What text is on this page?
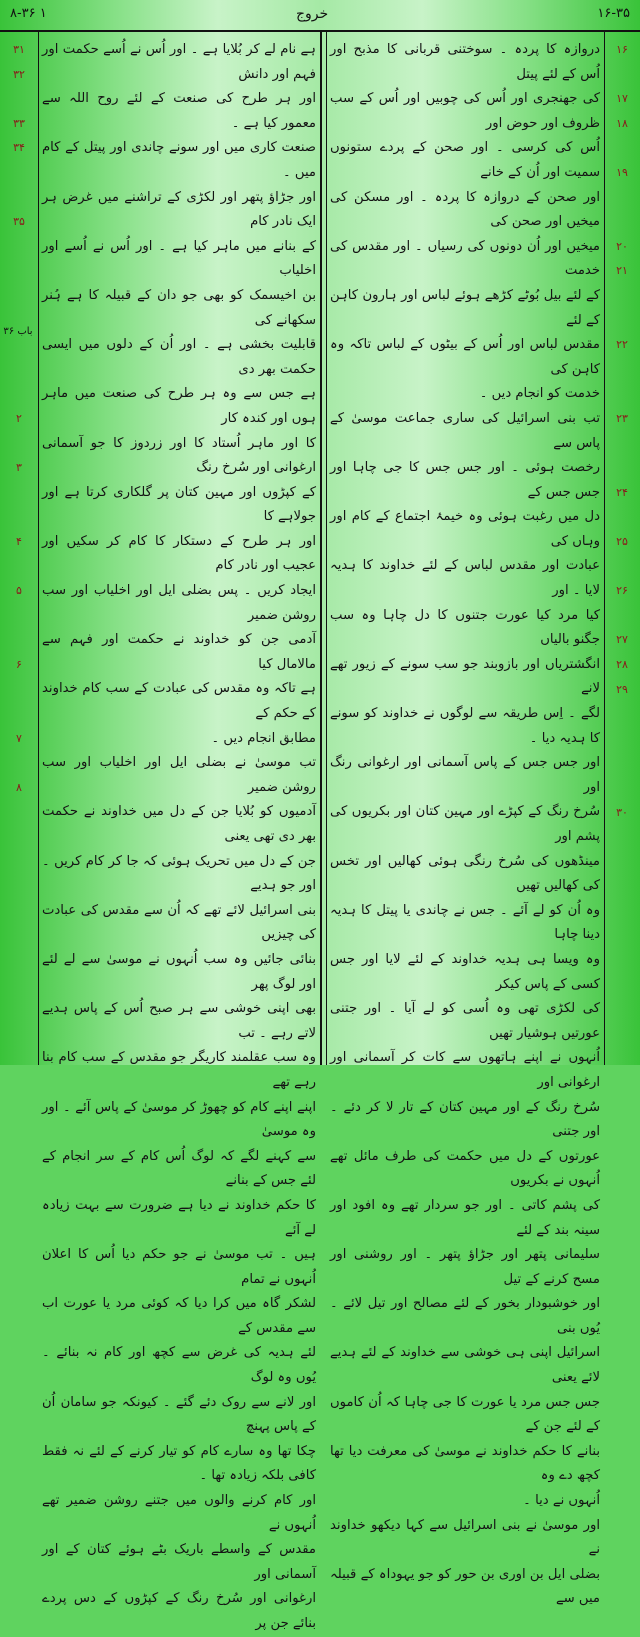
۸-۳۶ ۱	خروج	۱۶-۳۵

دروازہ کا پردہ ۔ سوختنی قربانی کا مذبح اور اُس کے لئے پیتل

کی جھنجری اور اُس کی چوبیں اور اُس کے سب ظروف اور حوض اور

اُس کی کرسی ۔ اور صحن کے پردے ستونوں سمیت اور اُن کے خانے

اور صحن کے دروازہ کا پردہ ۔ اور مسکن کی میخیں اور صحن کی

میخیں اور اُن دونوں کی رسیاں ۔ اور مقدس کی خدمت

کے لئے بیل بُوٹے کڑھے ہوئے لباس اور ہارون کاہن کے لئے

مقدس لباس اور اُس کے بیٹوں کے لباس تاکہ وہ کاہن کی

خدمت کو انجام دیں ۔

تب بنی اسرائیل کی ساری جماعت موسیٰ کے پاس سے

رخصت ہوئی ۔ اور جس جس کا جی چاہا اور جس جس کے

دل میں رغبت ہوئی وہ خیمۂ اجتماع کے کام اور وہاں کی

عبادت اور مقدس لباس کے لئے خداوند کا ہدیہ لایا ۔ اور

کیا مرد کیا عورت جتنوں کا دل چاہا وہ سب جگنو بالیاں

انگشتریاں اور بازوبند جو سب سونے کے زیور تھے لانے

لگے ۔ اِس طریقہ سے لوگوں نے خداوند کو سونے کا ہدیہ دیا ۔

اور جس جس کے پاس آسمانی اور ارغوانی رنگ اور

سُرخ رنگ کے کپڑے اور مہین کتان اور بکریوں کی پشم اور

مینڈھوں کی سُرخ رنگی ہوئی کھالیں اور تخس کی کھالیں تھیں

وہ اُن کو لے آئے ۔ جس نے چاندی یا پیتل کا ہدیہ دینا چاہا

وہ ویسا ہی ہدیہ خداوند کے لئے لایا اور جس کسی کے پاس کیکر

کی لکڑی تھی وہ اُسی کو لے آیا ۔ اور جتنی عورتیں ہوشیار تھیں

اُنہوں نے اپنے ہاتھوں سے کات کر آسمانی اور ارغوانی اور

سُرخ رنگ کے اور مہین کتان کے تار لا کر دئے ۔ اور جتنی

عورتوں کے دل میں حکمت کی طرف مائل تھے اُنہوں نے بکریوں

کی پشم کاتی ۔ اور جو سردار تھے وہ افود اور سینہ بند کے لئے

سلیمانی پتھر اور جڑاؤ پتھر ۔ اور روشنی اور مسح کرنے کے تیل

اور خوشبودار بخور کے لئے مصالح اور تیل لائے ۔ یُوں بنی

اسرائیل اپنی ہی خوشی سے خداوند کے لئے ہدیے لائے یعنی

جس جس مرد یا عورت کا جی چاہا کہ اُن کاموں کے لئے جن کے

بنانے کا حکم خداوند نے موسیٰ کی معرفت دیا تھا کچھ دے وہ

اُنہوں نے دیا ۔

اور موسیٰ نے بنی اسرائیل سے کہا دیکھو خداوند نے

بضلی ایل بن اوری بن حور کو جو یہوداہ کے قبیلہ میں سے

ہے نام لے کر بُلایا ہے ۔ اور اُس نے اُسے حکمت اور فہم اور دانش

اور ہر طرح کی صنعت کے لئے روح اللہ سے معمور کیا ہے ۔

صنعت کاری میں اور سونے چاندی اور پیتل کے کام میں ۔

اور جڑاؤ پتھر اور لکڑی کے تراشنے میں غرض ہر ایک نادر کام

کے بنانے میں ماہر کیا ہے ۔ اور اُس نے اُسے اور اخلیاب

بن اخیسمک کو بھی جو دان کے قبیلہ کا ہے ہُنر سکھانے کی

قابلیت بخشی ہے ۔ اور اُن کے دلوں میں ایسی حکمت بھر دی

ہے جس سے وہ ہر طرح کی صنعت میں ماہر ہوں اور کندہ کار

کا اور ماہر اُستاد کا اور زردوز کا جو آسمانی ارغوانی اور سُرخ رنگ

کے کپڑوں اور مہین کتان پر گلکاری کرتا ہے اور جولاہے کا

اور ہر طرح کے دستکار کا کام کر سکیں اور عجیب اور نادر کام

ایجاد کریں ۔ پس بضلی ایل اور اخلیاب اور سب روشن ضمیر

آدمی جن کو خداوند نے حکمت اور فہم سے مالامال کیا

ہے تاکہ وہ مقدس کی عبادت کے سب کام خداوند کے حکم کے

مطابق انجام دیں ۔

تب موسیٰ نے بضلی ایل اور اخلیاب اور سب روشن ضمیر

آدمیوں کو بُلایا جن کے دل میں خداوند نے حکمت بھر دی تھی یعنی

جن کے دل میں تحریک ہوئی کہ جا کر کام کریں ۔ اور جو ہدیے

بنی اسرائیل لائے تھے کہ اُن سے مقدس کی عبادت کی چیزیں

بنائی جائیں وہ سب اُنہوں نے موسیٰ سے لے لئے اور لوگ پھر

بھی اپنی خوشی سے ہر صبح اُس کے پاس ہدیے لاتے رہے ۔ تب

وہ سب عقلمند کاریگر جو مقدس کے سب کام بنا رہے تھے

اپنے اپنے کام کو چھوڑ کر موسیٰ کے پاس آئے ۔ اور وہ موسیٰ

سے کہنے لگے کہ لوگ اُس کام کے سر انجام کے لئے جس کے بنانے

کا حکم خداوند نے دیا ہے ضرورت سے بہت زیادہ لے آئے

ہیں ۔ تب موسیٰ نے جو حکم دیا اُس کا اعلان اُنہوں نے تمام

لشکر گاہ میں کرا دیا کہ کوئی مرد یا عورت اب سے مقدس کے

لئے ہدیہ کی غرض سے کچھ اور کام نہ بنائے ۔ یُوں وہ لوگ

اور لانے سے روک دئے گئے ۔ کیونکہ جو سامان اُن کے پاس پہنچ

چکا تھا وہ سارے کام کو تیار کرنے کے لئے نہ فقط کافی بلکہ زیادہ تھا ۔

اور کام کرنے والوں میں جتنے روشن ضمیر تھے اُنہوں نے

مقدس کے واسطے باریک بٹے ہوئے کتان کے اور آسمانی اور

ارغوانی اور سُرخ رنگ کے کپڑوں کے دس پردے بنائے جن پر

۱۶
۱۷
۱۸
۱۹
۲۰
۲۱
۲۲
۲۳
۲۴
۲۵
۲۶
۲۷
۲۸
۲۹
۳۰
۳۱
۳۲
۳۳
۳۴
۳۵
۲
۳
۴
۵
۶
۷
۸
باب ۳۶
